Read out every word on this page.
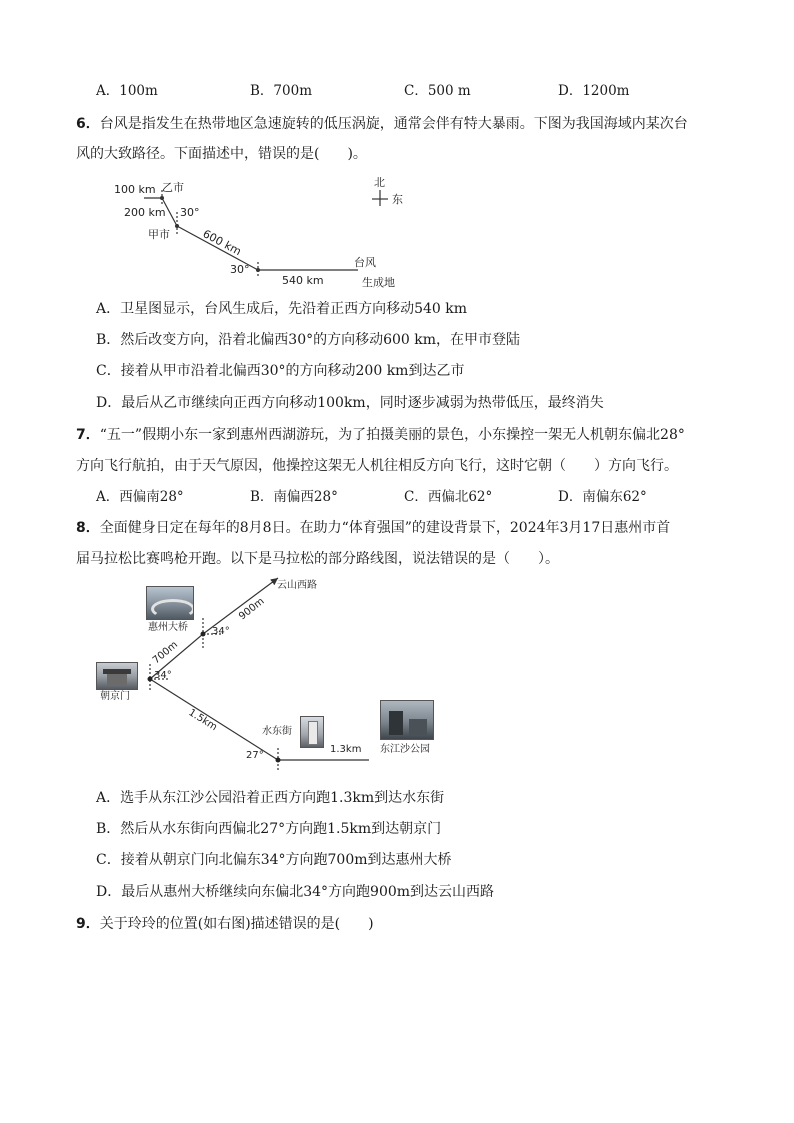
A．100m	B．700m	C．500 m	D．1200m
6．台风是指发生在热带地区急速旋转的低压涡旋，通常会伴有特大暴雨。下图为我国海域内某次台
风的大致路径。下面描述中，错误的是(　　)。
100 km 乙市
200 km 30°
甲市	600 km
30°
540 km
台风
生成地
北
东
A．卫星图显示，台风生成后，先沿着正西方向移动540 km
B．然后改变方向，沿着北偏西30°的方向移动600 km，在甲市登陆
C．接着从甲市沿着北偏西30°的方向移动200 km到达乙市
D．最后从乙市继续向正西方向移动100km，同时逐步减弱为热带低压，最终消失
7．“五一”假期小东一家到惠州西湖游玩，为了拍摄美丽的景色，小东操控一架无人机朝东偏北28°
方向飞行航拍，由于天气原因，他操控这架无人机往相反方向飞行，这时它朝（　　）方向飞行。
A．西偏南28°	B．南偏西28°	C．西偏北62°	D．南偏东62°
8．全面健身日定在每年的8月8日。在助力“体育强国”的建设背景下，2024年3月17日惠州市首
届马拉松比赛鸣枪开跑。以下是马拉松的部分路线图，说法错误的是（　　）。
云山西路
900m
惠州大桥 34°
700m
朝京门
34°
1.5km	水东街
1.3km 东江沙公园
27°
A．选手从东江沙公园沿着正西方向跑1.3km到达水东街
B．然后从水东街向西偏北27°方向跑1.5km到达朝京门
C．接着从朝京门向北偏东34°方向跑700m到达惠州大桥
D．最后从惠州大桥继续向东偏北34°方向跑900m到达云山西路
9．关于玲玲的位置(如右图)描述错误的是(　　)
